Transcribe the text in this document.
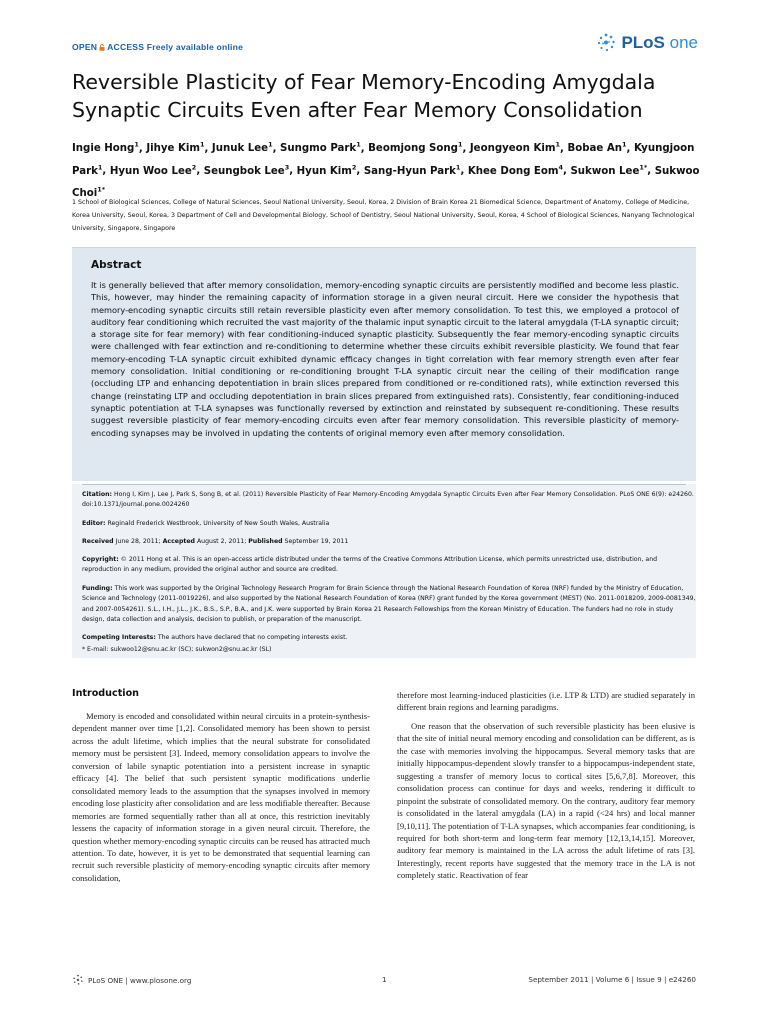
OPEN ACCESS Freely available online	PLoS one
Reversible Plasticity of Fear Memory-Encoding Amygdala Synaptic Circuits Even after Fear Memory Consolidation

Ingie Hong$^1$, Jihye Kim$^1$, Junuk Lee$^1$, Sungmo Park$^1$, Beomjong Song$^1$, Jeongyeon Kim$^1$, Bobae An$^1$, Kyungjoon Park$^1$, Hyun Woo Lee$^2$, Seungbok Lee$^3$, Hyun Kim$^2$, Sang-Hyun Park$^1$, Khee Dong Eom$^4$, Sukwon Lee$^{1*}$, Sukwoo Choi$^{1*}$

1 School of Biological Sciences, College of Natural Sciences, Seoul National University, Seoul, Korea, 2 Division of Brain Korea 21 Biomedical Science, Department of Anatomy, College of Medicine, Korea University, Seoul, Korea, 3 Department of Cell and Developmental Biology, School of Dentistry, Seoul National University, Seoul, Korea, 4 School of Biological Sciences, Nanyang Technological University, Singapore, Singapore

Abstract

It is generally believed that after memory consolidation, memory-encoding synaptic circuits are persistently modified and become less plastic. This, however, may hinder the remaining capacity of information storage in a given neural circuit. Here we consider the hypothesis that memory-encoding synaptic circuits still retain reversible plasticity even after memory consolidation. To test this, we employed a protocol of auditory fear conditioning which recruited the vast majority of the thalamic input synaptic circuit to the lateral amygdala (T-LA synaptic circuit; a storage site for fear memory) with fear conditioning-induced synaptic plasticity. Subsequently the fear memory-encoding synaptic circuits were challenged with fear extinction and re-conditioning to determine whether these circuits exhibit reversible plasticity. We found that fear memory-encoding T-LA synaptic circuit exhibited dynamic efficacy changes in tight correlation with fear memory strength even after fear memory consolidation. Initial conditioning or re-conditioning brought T-LA synaptic circuit near the ceiling of their modification range (occluding LTP and enhancing depotentiation in brain slices prepared from conditioned or re-conditioned rats), while extinction reversed this change (reinstating LTP and occluding depotentiation in brain slices prepared from extinguished rats). Consistently, fear conditioning-induced synaptic potentiation at T-LA synapses was functionally reversed by extinction and reinstated by subsequent re-conditioning. These results suggest reversible plasticity of fear memory-encoding circuits even after fear memory consolidation. This reversible plasticity of memory-encoding synapses may be involved in updating the contents of original memory even after memory consolidation.

Citation: Hong I, Kim J, Lee J, Park S, Song B, et al. (2011) Reversible Plasticity of Fear Memory-Encoding Amygdala Synaptic Circuits Even after Fear Memory Consolidation. PLoS ONE 6(9): e24260. doi:10.1371/journal.pone.0024260

Editor: Reginald Frederick Westbrook, University of New South Wales, Australia

Received June 28, 2011; Accepted August 2, 2011; Published September 19, 2011

Copyright: © 2011 Hong et al. This is an open-access article distributed under the terms of the Creative Commons Attribution License, which permits unrestricted use, distribution, and reproduction in any medium, provided the original author and source are credited.

Funding: This work was supported by the Original Technology Research Program for Brain Science through the National Research Foundation of Korea (NRF) funded by the Ministry of Education, Science and Technology (2011-0019226), and also supported by the National Research Foundation of Korea (NRF) grant funded by the Korea government (MEST) (No. 2011-0018209, 2009-0081349, and 2007-0054261). S.L., I.H., J.L., J.K., B.S., S.P., B.A., and J.K. were supported by Brain Korea 21 Research Fellowships from the Korean Ministry of Education. The funders had no role in study design, data collection and analysis, decision to publish, or preparation of the manuscript.

Competing Interests: The authors have declared that no competing interests exist.

* E-mail: sukwoo12@snu.ac.kr (SC); sukwon2@snu.ac.kr (SL)

Introduction

Memory is encoded and consolidated within neural circuits in a protein-synthesis-dependent manner over time [1,2]. Consolidated memory has been shown to persist across the adult lifetime, which implies that the neural substrate for consolidated memory must be persistent [3]. Indeed, memory consolidation appears to involve the conversion of labile synaptic potentiation into a persistent increase in synaptic efficacy [4]. The belief that such persistent synaptic modifications underlie consolidated memory leads to the assumption that the synapses involved in memory encoding lose plasticity after consolidation and are less modifiable thereafter. Because memories are formed sequentially rather than all at once, this restriction inevitably lessens the capacity of information storage in a given neural circuit. Therefore, the question whether memory-encoding synaptic circuits can be reused has attracted much attention. To date, however, it is yet to be demonstrated that sequential learning can recruit such reversible plasticity of memory-encoding synaptic circuits after memory consolidation,

therefore most learning-induced plasticities (i.e. LTP & LTD) are studied separately in different brain regions and learning paradigms.

One reason that the observation of such reversible plasticity has been elusive is that the site of initial neural memory encoding and consolidation can be different, as is the case with memories involving the hippocampus. Several memory tasks that are initially hippocampus-dependent slowly transfer to a hippocampus-independent state, suggesting a transfer of memory locus to cortical sites [5,6,7,8]. Moreover, this consolidation process can continue for days and weeks, rendering it difficult to pinpoint the substrate of consolidated memory. On the contrary, auditory fear memory is consolidated in the lateral amygdala (LA) in a rapid (<24 hrs) and local manner [9,10,11]. The potentiation of T-LA synapses, which accompanies fear conditioning, is required for both short-term and long-term fear memory [12,13,14,15]. Moreover, auditory fear memory is maintained in the LA across the adult lifetime of rats [3]. Interestingly, recent reports have suggested that the memory trace in the LA is not completely static. Reactivation of fear

PLoS ONE | www.plosone.org	1	September 2011 | Volume 6 | Issue 9 | e24260
